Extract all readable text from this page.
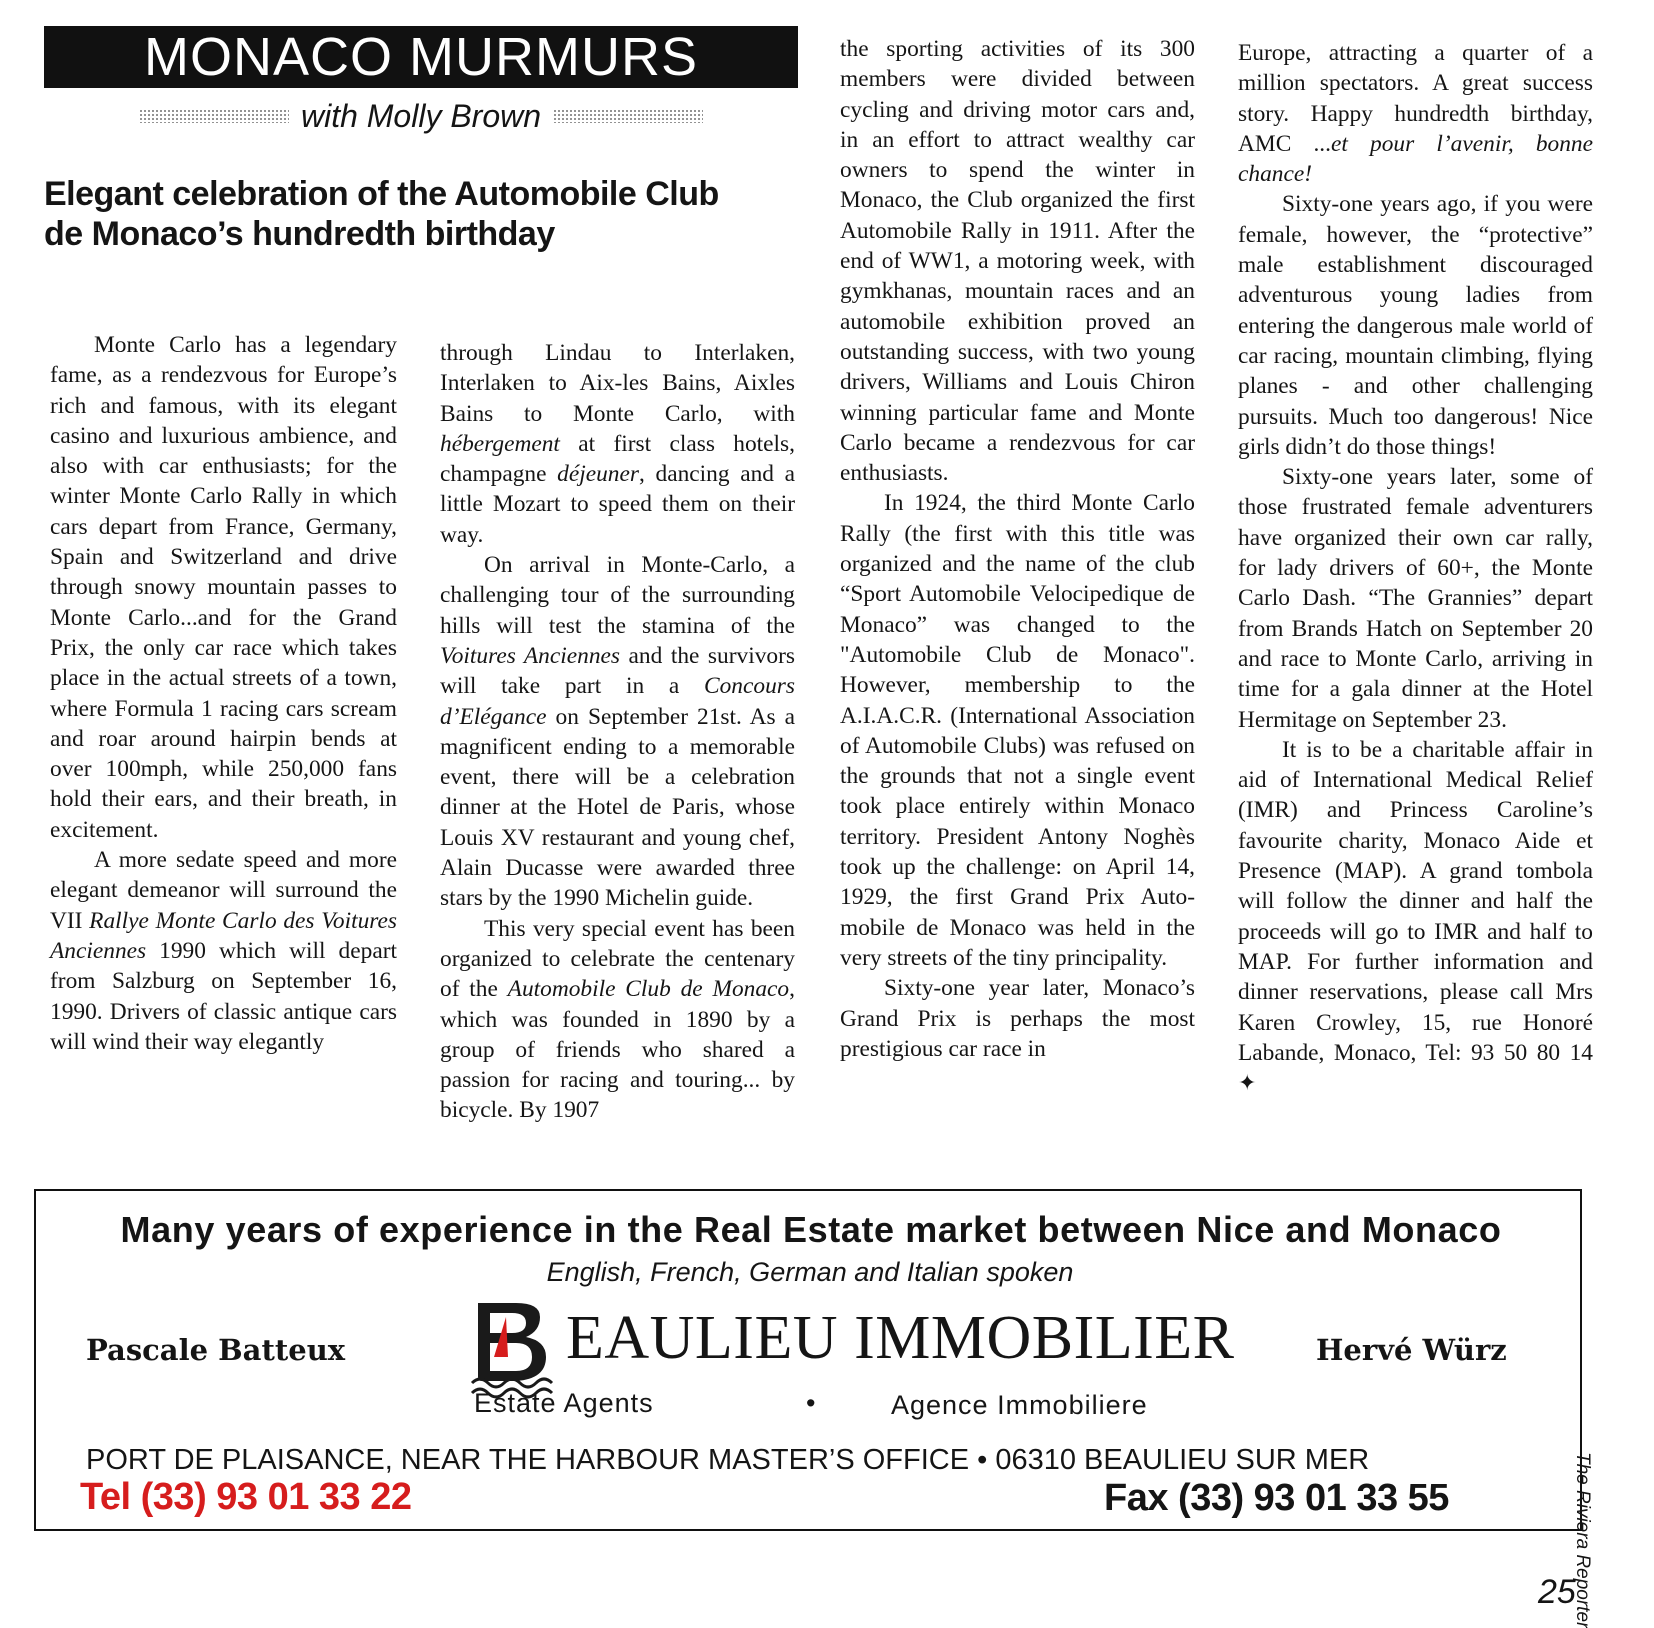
MONACO MURMURS
with Molly Brown
Elegant celebration of the Automobile Club
de Monaco’s hundredth birthday

Monte Carlo has a legendary fame, as a rendezvous for Europe’s rich and famous, with its elegant casino and luxurious ambience, and also with car enthusiasts; for the winter Monte Carlo Rally in which cars depart from France, Germany, Spain and Switzerland and drive through snowy mountain passes to Monte Carlo...and for the Grand Prix, the only car race which takes place in the actual streets of a town, where Formula 1 racing cars scream and roar around hairpin bends at over 100mph, while 250,000 fans hold their ears, and their breath, in excitement.

A more sedate speed and more elegant demeanor will surround the VII Rallye Monte Carlo des Voitures Anciennes 1990 which will depart from Salzburg on September 16, 1990. Drivers of classic antique cars will wind their way elegantly

through Lindau to Interlaken, Interlaken to Aix-les Bains, Aixles Bains to Monte Carlo, with hébergement at first class hotels, champagne déjeuner, dancing and a little Mozart to speed them on their way.

On arrival in Monte-Carlo, a challenging tour of the surrounding hills will test the stamina of the Voitures Anciennes and the survivors will take part in a Concours d’Elégance on September 21st. As a magnificent ending to a memorable event, there will be a celebration dinner at the Hotel de Paris, whose Louis XV restaurant and young chef, Alain Ducasse were awarded three stars by the 1990 Michelin guide.

This very special event has been organized to celebrate the centenary of the Automobile Club de Monaco, which was founded in 1890 by a group of friends who shared a passion for racing and touring... by bicycle. By 1907

the sporting activities of its 300 members were divided between cycling and driving motor cars and, in an effort to attract wealthy car owners to spend the winter in Monaco, the Club organized the first Automobile Rally in 1911. After the end of WW1, a motoring week, with gymkhanas, mountain races and an automobile exhibition proved an outstanding success, with two young drivers, Williams and Louis Chiron winning particular fame and Monte Carlo became a rendezvous for car enthusiasts.

In 1924, the third Monte Carlo Rally (the first with this title was organized and the name of the club “Sport Automobile Velocipedique de Monaco” was changed to the "Automobile Club de Monaco". However, membership to the A.I.A.C.R. (International Association of Automobile Clubs) was refused on the grounds that not a single event took place entirely within Monaco territory. President Antony Noghès took up the challenge: on April 14, 1929, the first Grand Prix Automobile de Monaco was held in the very streets of the tiny principality.

Sixty-one year later, Monaco’s Grand Prix is perhaps the most prestigious car race in

Europe, attracting a quarter of a million spectators. A great success story. Happy hundredth birthday, AMC ...et pour l’avenir, bonne chance!

Sixty-one years ago, if you were female, however, the “protective” male establishment discouraged adventurous young ladies from entering the dangerous male world of car racing, mountain climbing, flying planes - and other challenging pursuits. Much too dangerous! Nice girls didn’t do those things!

Sixty-one years later, some of those frustrated female adventurers have organized their own car rally, for lady drivers of 60+, the Monte Carlo Dash. “The Grannies” depart from Brands Hatch on September 20 and race to Monte Carlo, arriving in time for a gala dinner at the Hotel Hermitage on September 23.

It is to be a charitable affair in aid of International Medical Relief (IMR) and Princess Caroline’s favourite charity, Monaco Aide et Presence (MAP). A grand tombola will follow the dinner and half the proceeds will go to IMR and half to MAP. For further information and dinner reservations, please call Mrs Karen Crowley, 15, rue Honoré Labande, Monaco, Tel: 93 50 80 14 ✦

Many years of experience in the Real Estate market between Nice and Monaco
English, French, German and Italian spoken
Pascale Batteux	EAULIEU IMMOBILIER	Hervé Würz
Estate Agents	•	Agence Immobiliere
PORT DE PLAISANCE, NEAR THE HARBOUR MASTER’S OFFICE • 06310 BEAULIEU SUR MER
Tel (33) 93 01 33 22	Fax (33) 93 01 33 55	The Riviera Reporter
25
